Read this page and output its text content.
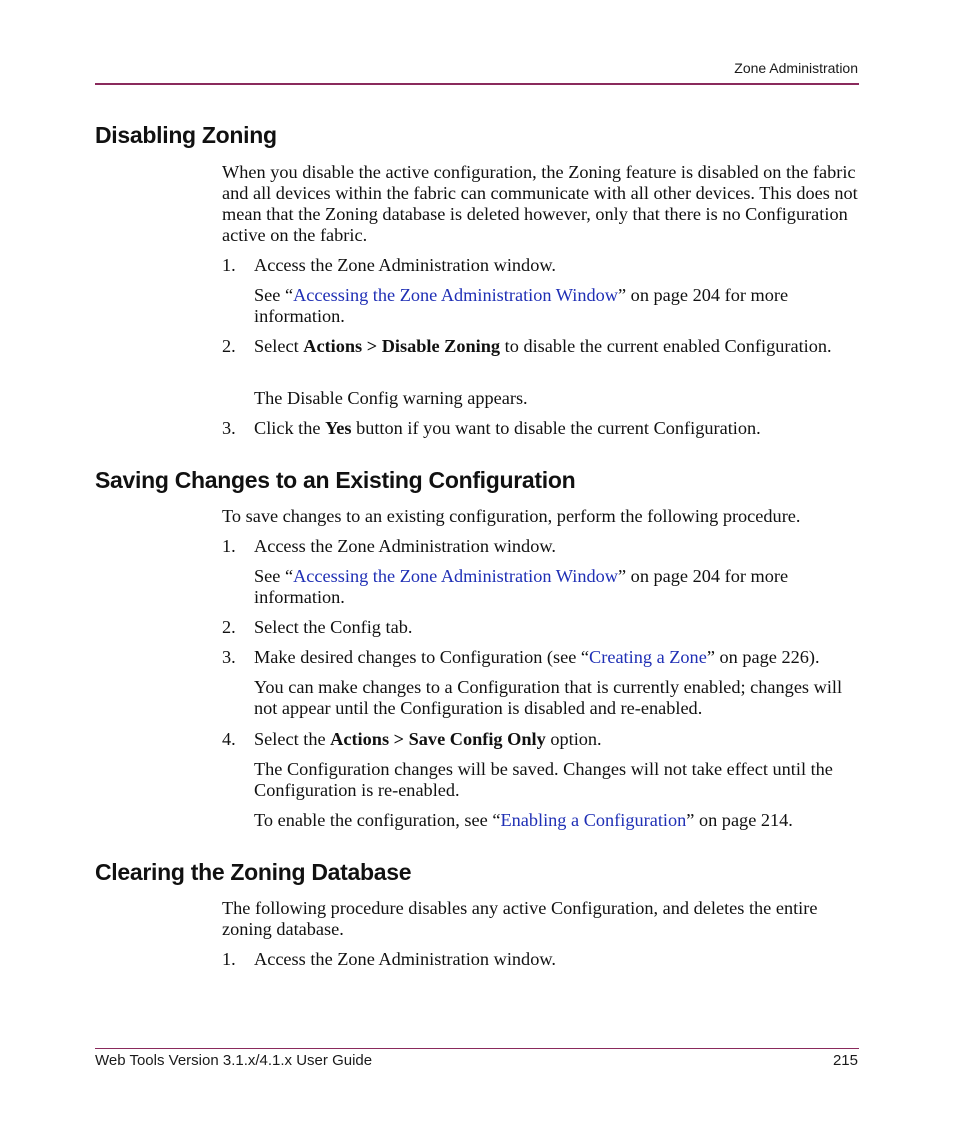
Zone Administration
Disabling Zoning

When you disable the active configuration, the Zoning feature is disabled on the fabric and all devices within the fabric can communicate with all other devices. This does not mean that the Zoning database is deleted however, only that there is no Configuration active on the fabric.

1. Access the Zone Administration window.

See “Accessing the Zone Administration Window” on page 204 for more information.

2. Select Actions > Disable Zoning to disable the current enabled Configuration.

The Disable Config warning appears.

3. Click the Yes button if you want to disable the current Configuration.
Saving Changes to an Existing Configuration

To save changes to an existing configuration, perform the following procedure.

1. Access the Zone Administration window.

See “Accessing the Zone Administration Window” on page 204 for more information.

2. Select the Config tab.
3. Make desired changes to Configuration (see “Creating a Zone” on page 226).

You can make changes to a Configuration that is currently enabled; changes will not appear until the Configuration is disabled and re-enabled.

4. Select the Actions > Save Config Only option.

The Configuration changes will be saved. Changes will not take effect until the Configuration is re-enabled.

To enable the configuration, see “Enabling a Configuration” on page 214.

Clearing the Zoning Database

The following procedure disables any active Configuration, and deletes the entire zoning database.

1. Access the Zone Administration window.
Web Tools Version 3.1.x/4.1.x User Guide	215
